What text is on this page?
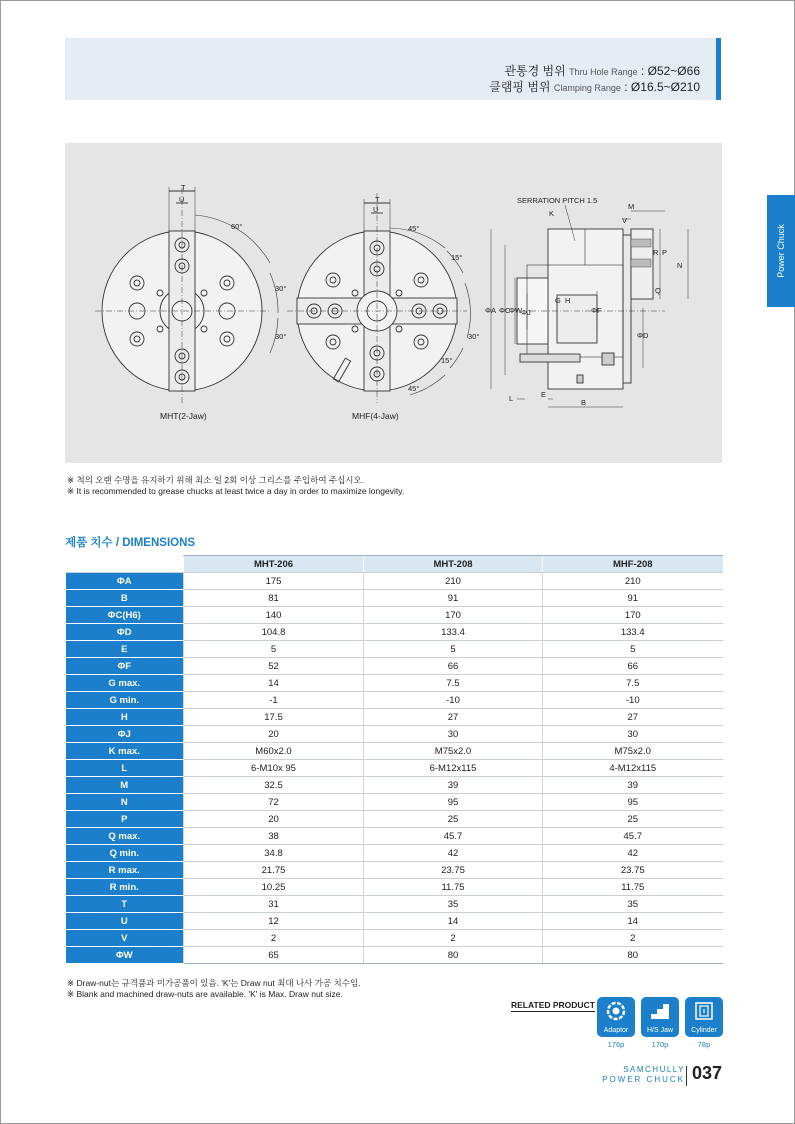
관통경 범위 Thru Hole Range : Ø52~Ø66
클램핑 범위 Clamping Range : Ø16.5~Ø210
Power Chuck
T
U
60°
30°
30°
MHT(2-Jaw)
T
U
45°
15°
30°
15°
45°
MHF(4-Jaw)
SERRATION PITCH 1.5
K
M
V
N
R P
Q
ΦA ΦC
ΦW
ΦJ
G H
ΦF
ΦD
L	E
B
※ 척의 오랜 수명을 유지하기 위해 최소 일 2회 이상 그리스를 주입하여 주십시오.
※ It is recommended to grease chucks at least twice a day in order to maximize longevity.
제품 치수 / DIMENSIONS
	MHT-206	MHT-208	MHF-208
ΦA	175	210	210
B	81	91	91
ΦC(H6)	140	170	170
ΦD	104.8	133.4	133.4
E	5	5	5
ΦF	52	66	66
G max.	14	7.5	7.5
G min.	-1	-10	-10
H	17.5	27	27
ΦJ	20	30	30
K max.	M60x2.0	M75x2.0	M75x2.0
L	6-M10x 95	6-M12x115	4-M12x115
M	32.5	39	39
N	72	95	95
P	20	25	25
Q max.	38	45.7	45.7
Q min.	34.8	42	42
R max.	21.75	23.75	23.75
R min.	10.25	11.75	11.75
T	31	35	35
U	12	14	14
V	2	2	2
ΦW	65	80	80
※ Draw-nut는 규격품과 미가공품이 있음. 'K'는 Draw nut 최대 나사 가공 치수임.
※ Blank and machined draw-nuts are available. 'K' is Max. Draw nut size.
RELATED PRODUCT
Adaptor
176p
H/S Jaw
170p
Cylinder
78p
SAMCHULLY
POWER CHUCK 037
